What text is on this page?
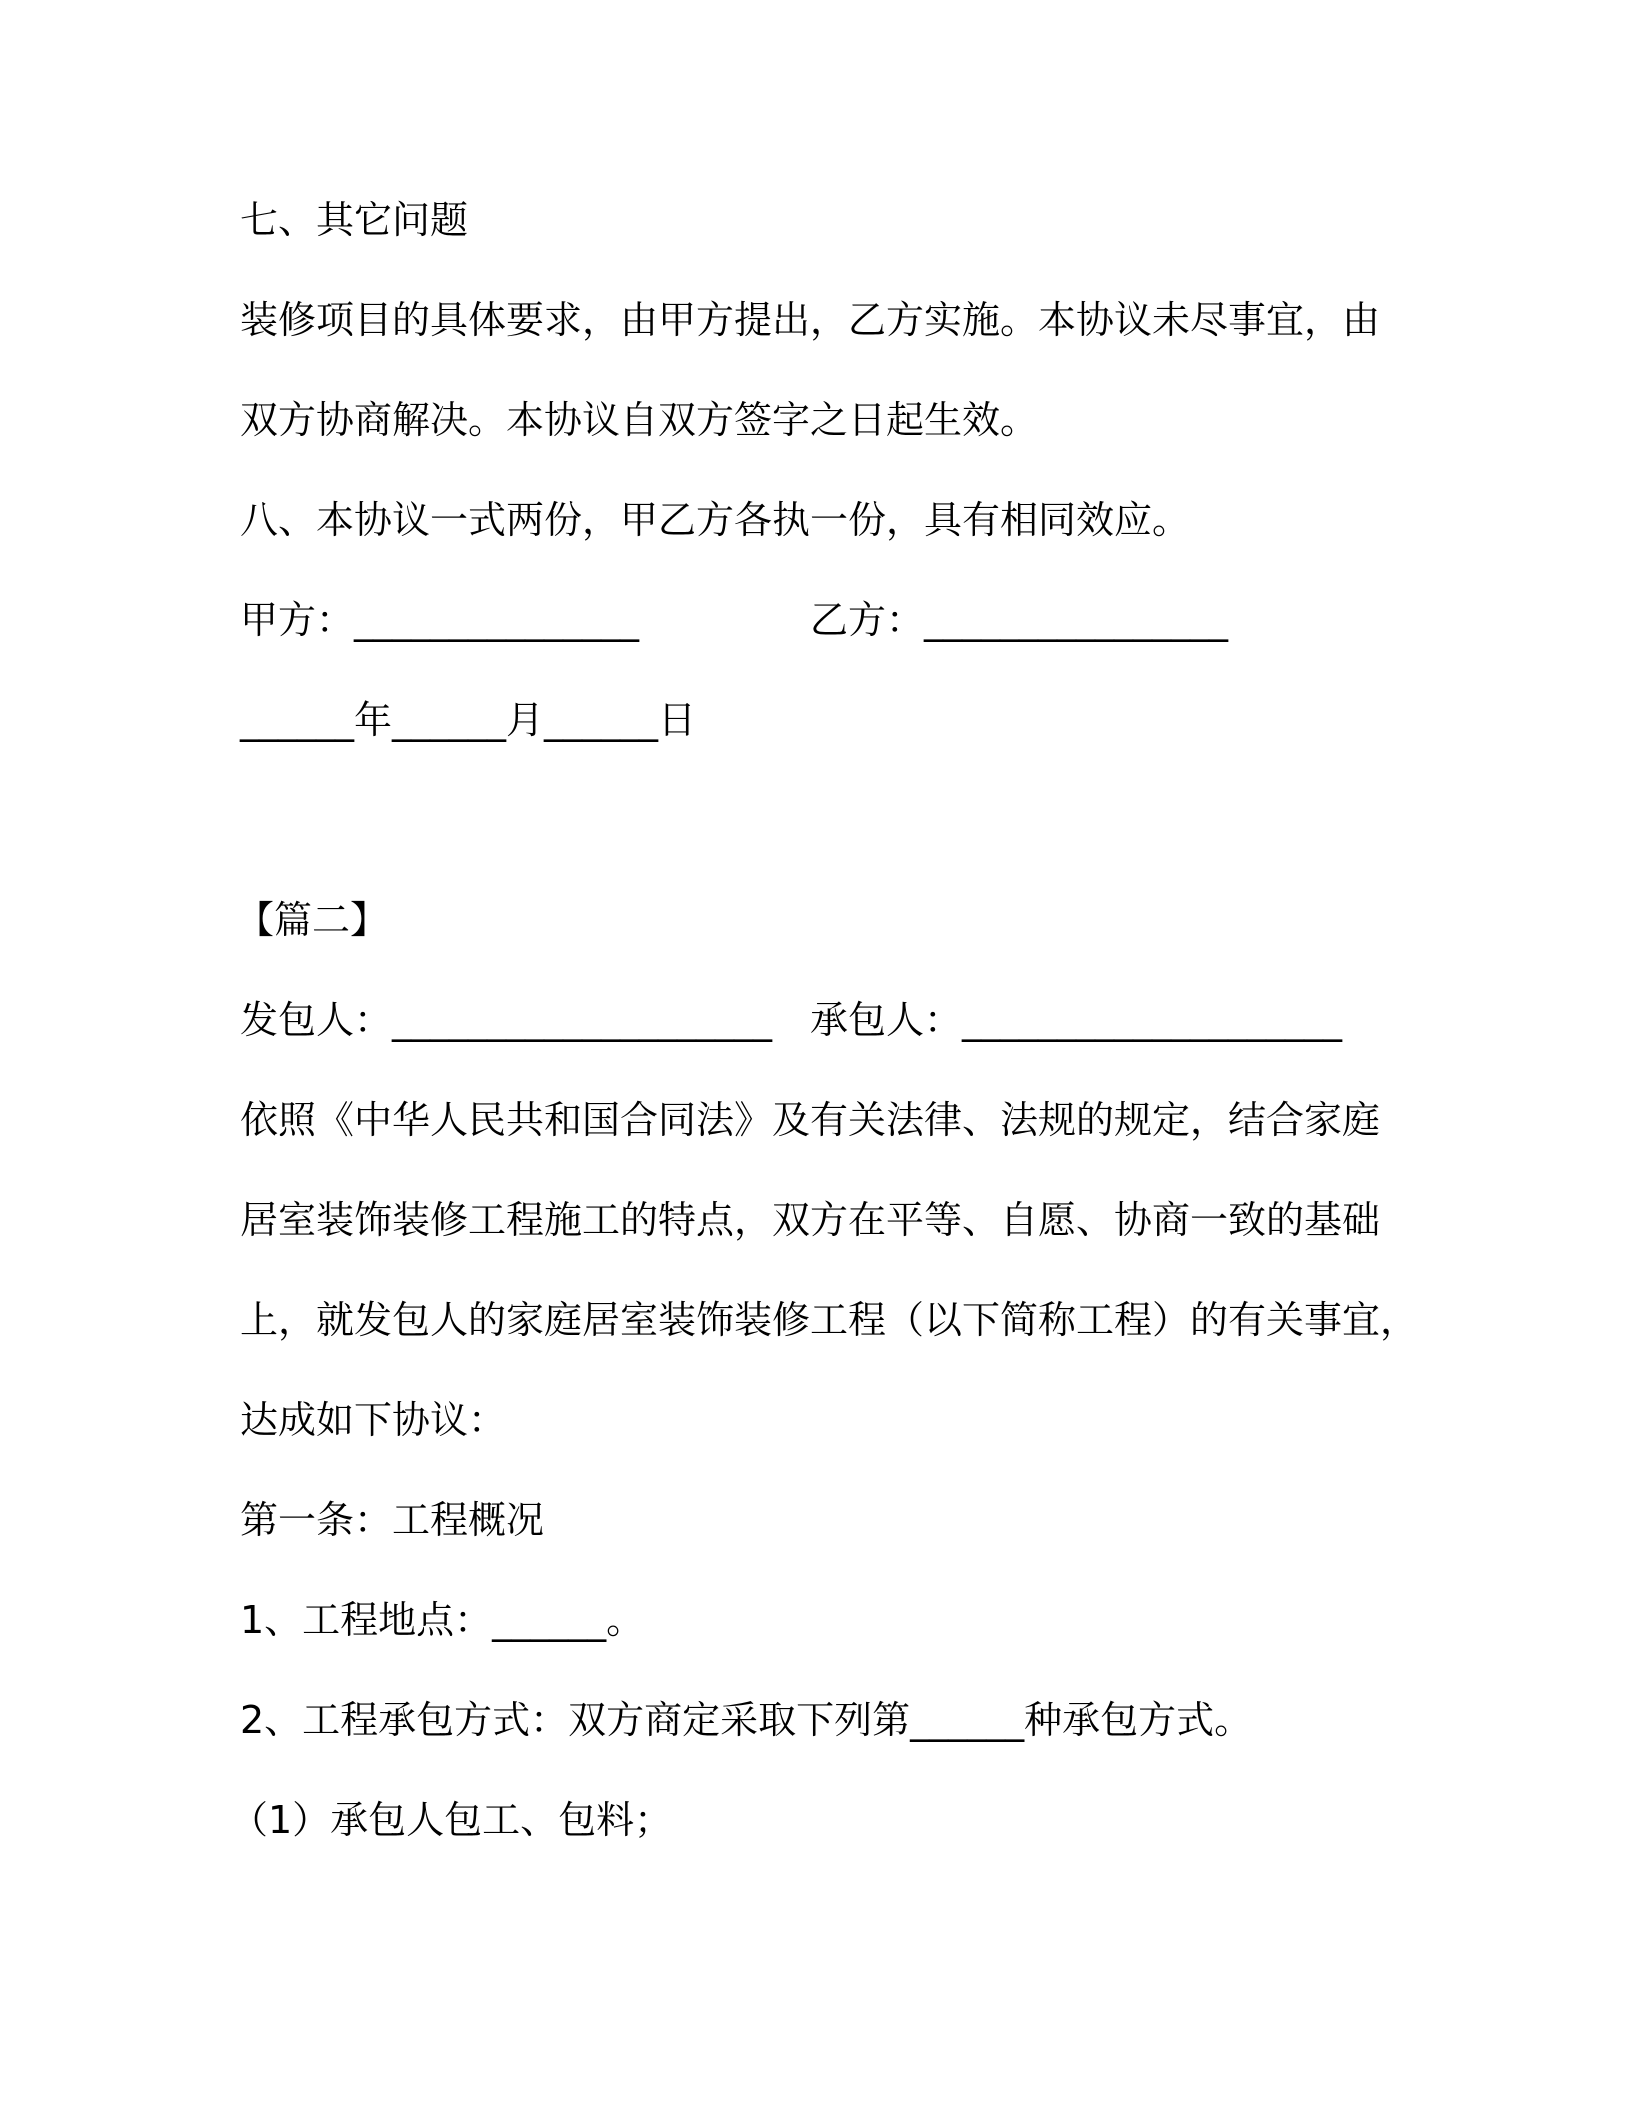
七、其它问题
装修项目的具体要求，由甲方提出，乙方实施。本协议未尽事宜，由
双方协商解决。本协议自双方签字之日起生效。
八、本协议一式两份，甲乙方各执一份，具有相同效应。
甲方：_______________	乙方：________________
______年______月______日
【篇二】
发包人：____________________ 承包人：____________________
依照《中华人民共和国合同法》及有关法律、法规的规定，结合家庭
居室装饰装修工程施工的特点，双方在平等、自愿、协商一致的基础
上，就发包人的家庭居室装饰装修工程（以下简称工程）的有关事宜，
达成如下协议：
第一条：工程概况
1、工程地点：______。
2、工程承包方式：双方商定采取下列第______种承包方式。
（1）承包人包工、包料；
